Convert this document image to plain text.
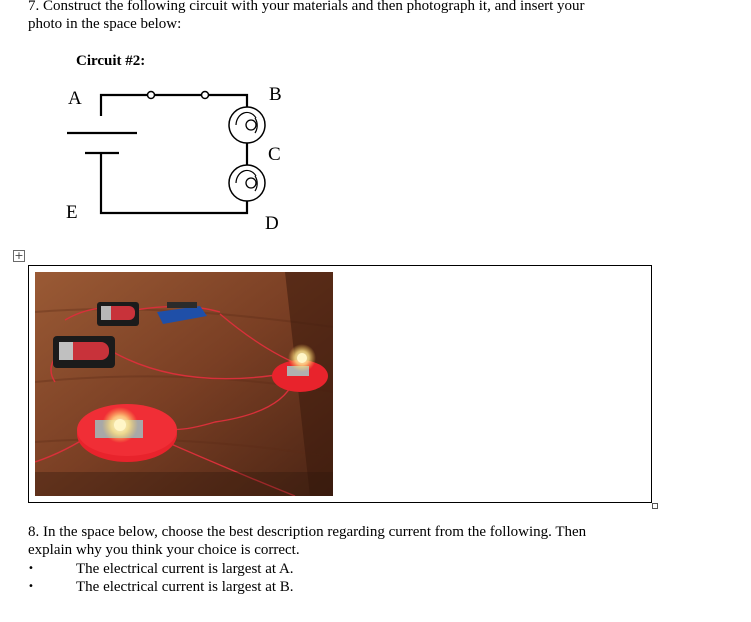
7. Construct the following circuit with your materials and then photograph it, and insert your
photo in the space below:
Circuit #2:
A	B
C
D
E
+
8. In the space below, choose the best description regarding current from the following. Then
explain why you think your choice is correct.
•	The electrical current is largest at A.
•	The electrical current is largest at B.
